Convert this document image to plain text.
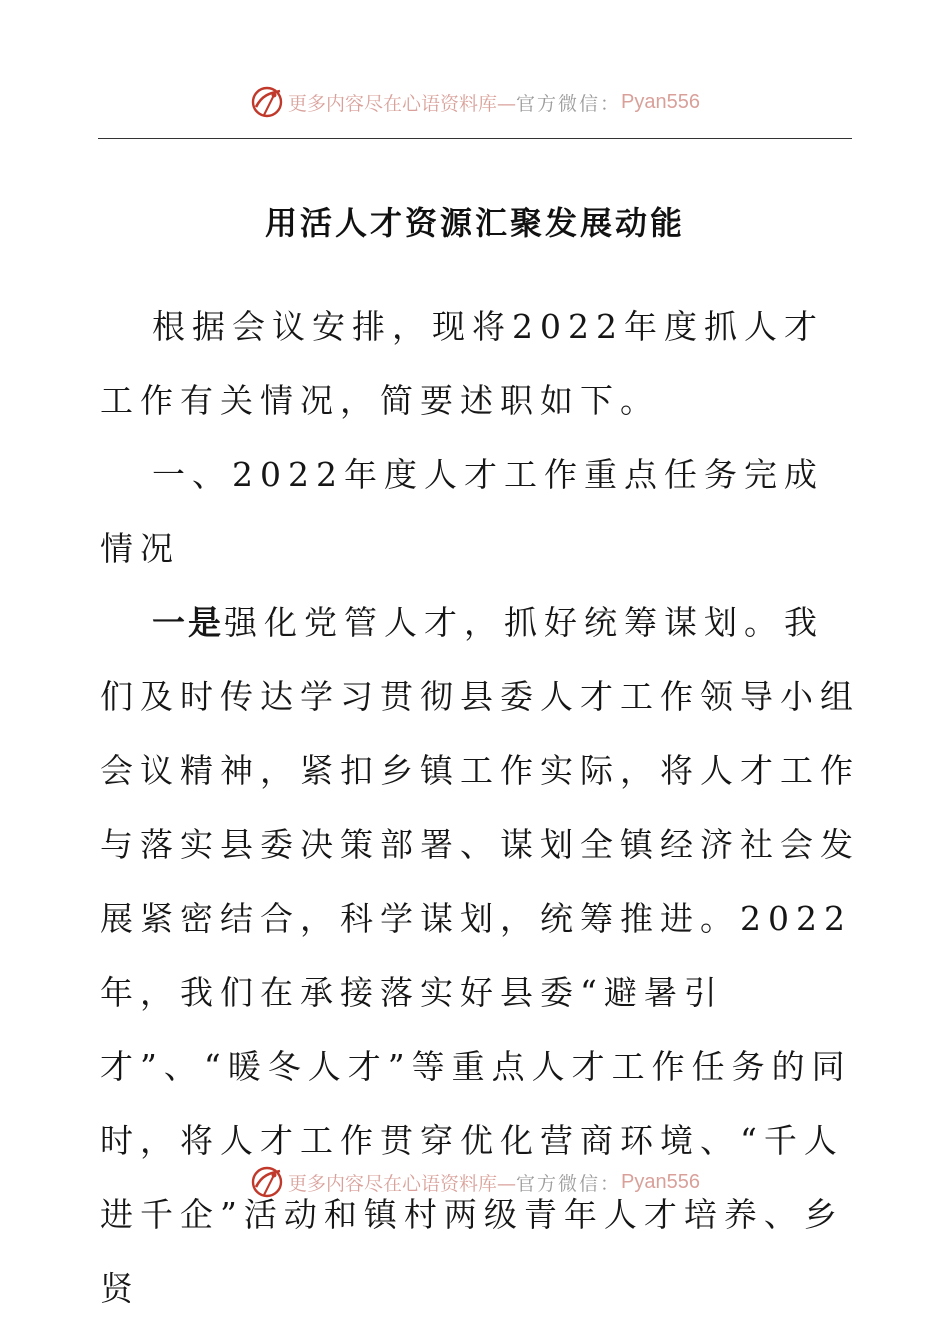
更多内容尽在心语资料库— 官方微信： Pyan556
用活人才资源汇聚发展动能

根据会议安排，现将2022年度抓人才工作有关情况，简要述职如下。

一、2022年度人才工作重点任务完成情况

一是强化党管人才，抓好统筹谋划。我们及时传达学习贯彻县委人才工作领导小组会议精神，紧扣乡镇工作实际，将人才工作与落实县委决策部署、谋划全镇经济社会发展紧密结合，科学谋划，统筹推进。2022年，我们在承接落实好县委“避暑引才”、“暖冬人才”等重点人才工作任务的同时，将人才工作贯穿优化营商环境、“千人进千企”活动和镇村两级青年人才培养、乡贤

更多内容尽在心语资料库— 官方微信： Pyan556
